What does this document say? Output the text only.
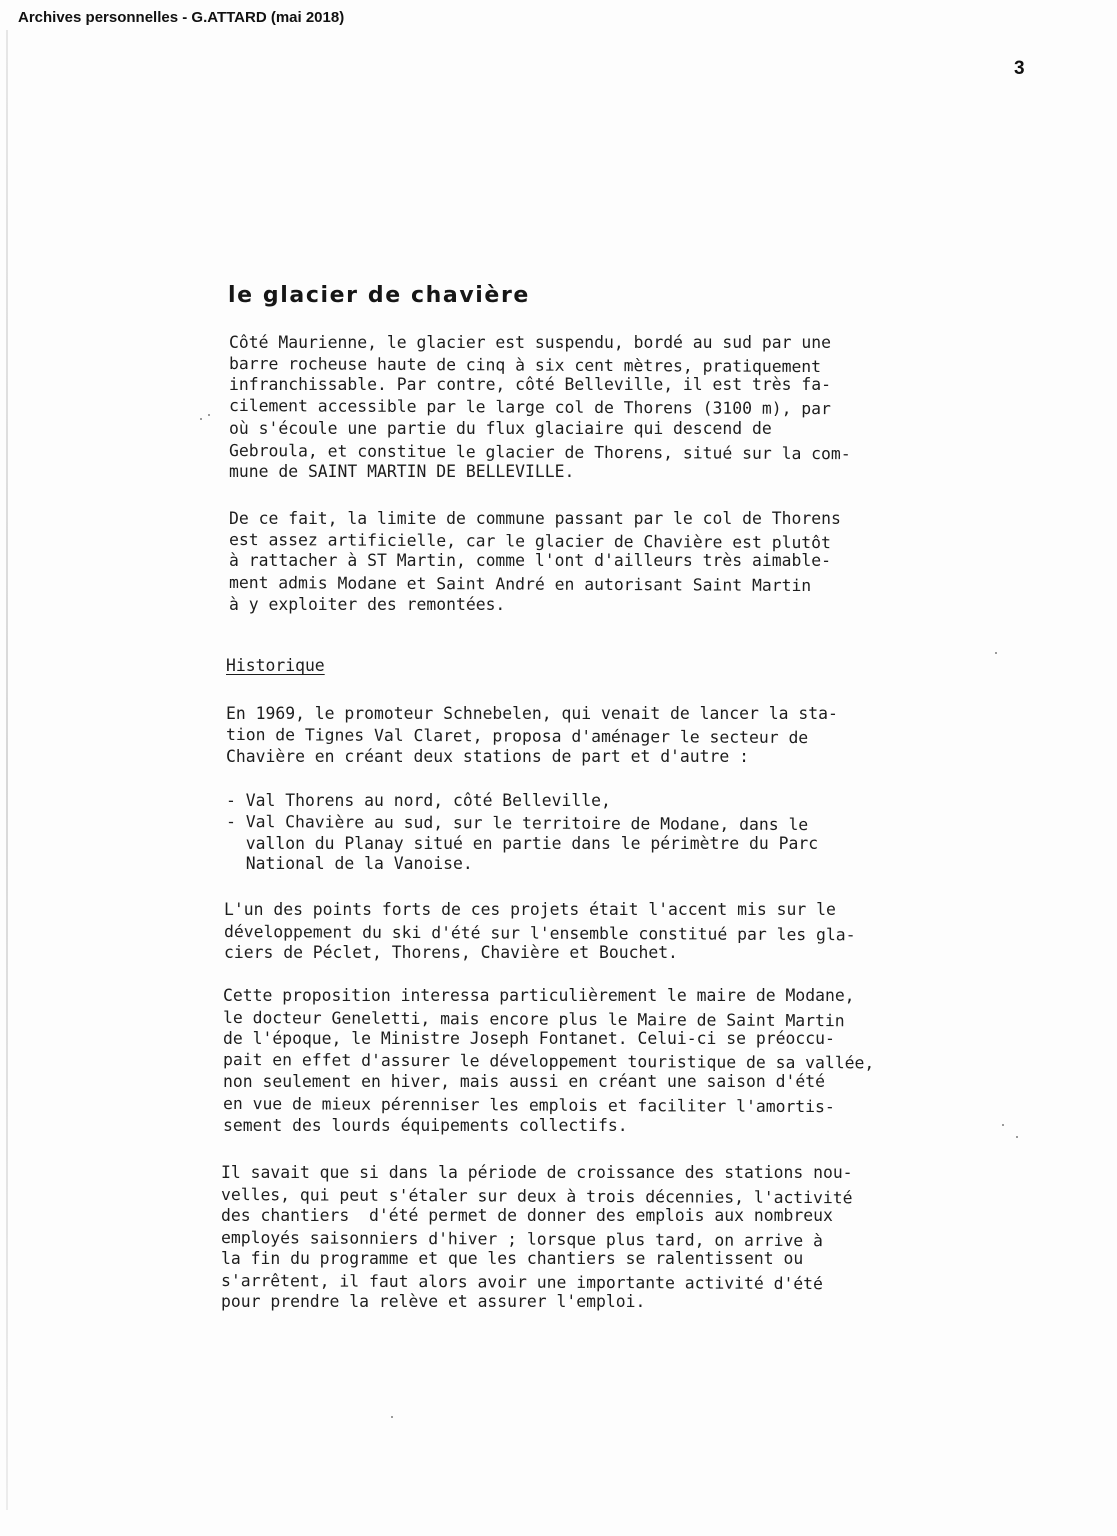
Archives personnelles - G.ATTARD (mai 2018)
3
le glacier de chavière
Côté Maurienne, le glacier est suspendu, bordé au sud par une
barre rocheuse haute de cinq à six cent mètres, pratiquement
infranchissable. Par contre, côté Belleville, il est très fa-
cilement accessible par le large col de Thorens (3100 m), par
où s'écoule une partie du flux glaciaire qui descend de
Gebroula, et constitue le glacier de Thorens, situé sur la com-
mune de SAINT MARTIN DE BELLEVILLE.
De ce fait, la limite de commune passant par le col de Thorens
est assez artificielle, car le glacier de Chavière est plutôt
à rattacher à ST Martin, comme l'ont d'ailleurs très aimable-
ment admis Modane et Saint André en autorisant Saint Martin
à y exploiter des remontées.
Historique
En 1969, le promoteur Schnebelen, qui venait de lancer la sta-
tion de Tignes Val Claret, proposa d'aménager le secteur de
Chavière en créant deux stations de part et d'autre :
- Val Thorens au nord, côté Belleville,
- Val Chavière au sud, sur le territoire de Modane, dans le
vallon du Planay situé en partie dans le périmètre du Parc
National de la Vanoise.
L'un des points forts de ces projets était l'accent mis sur le
développement du ski d'été sur l'ensemble constitué par les gla-
ciers de Péclet, Thorens, Chavière et Bouchet.
Cette proposition interessa particulièrement le maire de Modane,
le docteur Geneletti, mais encore plus le Maire de Saint Martin
de l'époque, le Ministre Joseph Fontanet. Celui-ci se préoccu-
pait en effet d'assurer le développement touristique de sa vallée,
non seulement en hiver, mais aussi en créant une saison d'été
en vue de mieux pérenniser les emplois et faciliter l'amortis-
sement des lourds équipements collectifs.
Il savait que si dans la période de croissance des stations nou-
velles, qui peut s'étaler sur deux à trois décennies, l'activité
des chantiers  d'été permet de donner des emplois aux nombreux
employés saisonniers d'hiver ; lorsque plus tard, on arrive à
la fin du programme et que les chantiers se ralentissent ou
s'arrêtent, il faut alors avoir une importante activité d'été
pour prendre la relève et assurer l'emploi.
